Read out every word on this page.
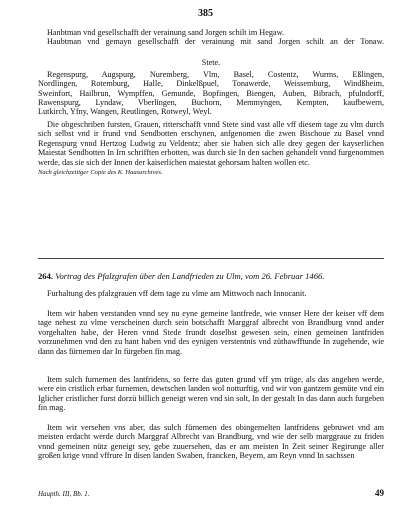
385
Hanbtman vnd gesellschafft der verainung sand Jorgen schilt im Hegaw.
Haubtman vnd gemayn gesellschafft der verainung mit sand Jorgen schilt an der Tonaw.
Stete.
Regenspurg, Augspurg, Nuremberg, Vlm, Basel, Costentz, Wurms, Eßlingen,
Nordlingen, Rotemburg, Halle, Dinkelßpuel, Tonawerde, Weissemburg, Windßheim,
Sweinfort, Hailbrun, Wympffen, Gemunde, Bopfingen, Biengen, Auben, Bibrach, pfulndorff,
Rawenspurg, Lyndaw, Vberlingen, Buchorn, Memmyngen, Kempten, kaufbewern,
Lutkirch, Yfny, Wangen, Reutlingen, Rotweyl, Weyl.
Die obgeschriben fursten, Grauen, ritterschafft vnnd Stete sind vast alle vff diesem tage zu vlm durch sich selbst vnd ir frund vnd Sendbotten erschynen, anfgenomen die zwen Bischoue zu Basel vnnd Regenspurg vnnd Hertzog Ludwig zu Veldentz; aber sie haben sich alle drey gegen der kayserlichen Maiestat Sendbotten In Irn schrifften erbotten, was durch sie In den sachen gehandelt vnnd furgenommen werde, das sie sich der Innen der kaiserlichen maiestat gehorsam halten wollen etc.
Nach gleichzeitiger Copie des K. Hausarchives.
264. Vortrag des Pfalzgrafen über den Landfrieden zu Ulm, vom 26. Februar 1466.
Furhaltung des pfalzgrauen vff dem tage zu vlme am Mittwoch nach Innocanit.
Item wir haben verstanden vnnd sey nu eyne gemeine lantfrede, wie vnnser Here der keiser vff dem tage nehest zu vlme verscheinen durch sein botschafft Marggraf albrecht von Brandburg vnnd ander vorgehalten habe, der Heren vnnd Stede frundt doselbst gewesen sein, einen gemeinen lantfriden vorzunehmen vnd den zu hant haben vnd des eynigen verstentnis vnd züthawfftunde In zugehende, wie dann das fürnemen dar In fürgeben fin mag.
Item sulch furnemen des lantfridens, so ferre das guten grund vff ym trüge, als das angehen werde, were ein cristlich erbar furnemen, dewtschen landen wol notturftig, vnd wir von gantzem gemüte vnd ein Iglicher cristlicher furst dorzü billich geneigt weren vnd sin solt, In der gestalt In das dann auch furgeben fin mag.
Item wir versehen vns aber, das sulch fürnemen des obingemelten lantfridens gebruwet vnd am meisten erdacht werde durch Marggraf Albrecht van Brandburg, vnd wie der selb marggraue zu friden vnnd gemeinen nütz geneigt sey, gebe zuuersehen, das er am meisten In Zeit seiner Regirunge aller großen krige vnnd vffrure In disen landen Swaben, francken, Beyern, am Reyn vnnd In sachssen
Haupth. III, Bb. 1.	49
